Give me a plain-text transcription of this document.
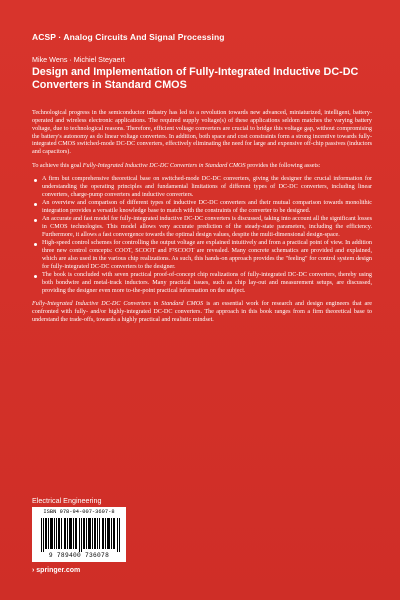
ACSP · Analog Circuits And Signal Processing
Mike Wens · Michiel Steyaert
Design and Implementation of Fully-Integrated Inductive DC-DC Converters in Standard CMOS

Technological progress in the semiconductor industry has led to a revolution towards new advanced, miniaturized, intelligent, battery-operated and wireless electronic applications. The required supply voltage(s) of these applications seldom matches the varying battery voltage, due to technological reasons. Therefore, efficient voltage converters are crucial to bridge this voltage gap, without compromising the battery's autonomy as do linear voltage converters. In addition, both space and cost constraints form a strong incentive towards fully-integrated CMOS switched-mode DC-DC converters, effectively eliminating the need for large and expensive off-chip passives (inductors and capacitors).

To achieve this goal Fully-Integrated Inductive DC-DC Converters in Standard CMOS provides the following assets:

A firm but comprehensive theoretical base on switched-mode DC-DC converters, giving the designer the crucial information for understanding the operating principles and fundamental limitations of different types of DC-DC converters, including linear converters, charge-pump converters and inductive converters.
An overview and comparison of different types of inductive DC-DC converters and their mutual comparison towards monolithic integration provides a versatile knowledge base to match with the constraints of the converter to be designed.
An accurate and fast model for fully-integrated inductive DC-DC converters is discussed, taking into account all the significant losses in CMOS technologies. This model allows very accurate prediction of the steady-state parameters, including the efficiency. Furthermore, it allows a fast convergence towards the optimal design values, despite the multi-dimensional design-space.
High-speed control schemes for controlling the output voltage are explained intuitively and from a practical point of view. In addition three new control concepts: COOT, SCOOT and F²SCOOT are revealed. Many concrete schematics are provided and explained, which are also used in the various chip realizations. As such, this hands-on approach provides the "feeling" for control system design for fully-integrated DC-DC converters to the designer.
The book is concluded with seven practical proof-of-concept chip realizations of fully-integrated DC-DC converters, thereby using both bondwire and metal-track inductors. Many practical issues, such as chip lay-out and measurement setups, are discussed, providing the designer even more to-the-point practical information on the subject.

Fully-Integrated Inductive DC-DC Converters in Standard CMOS is an essential work for research and design engineers that are confronted with fully- and/or highly-integrated DC-DC converters. The approach in this book ranges from a firm theoretical base to understand the trade-offs, towards a highly practical and realistic mindset.

Electrical Engineering
ISBN 978-94-007-3607-8
9 789400 736078
› springer.com
